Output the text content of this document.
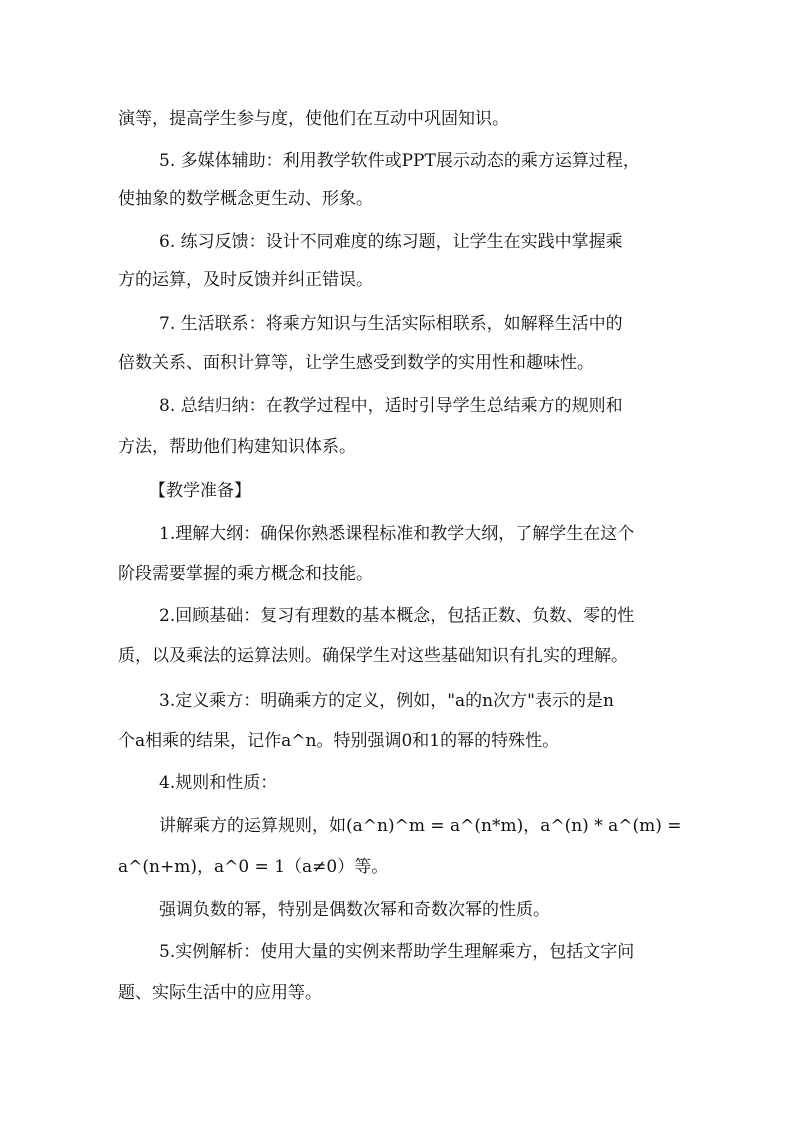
演等，提高学生参与度，使他们在互动中巩固知识。
5. 多媒体辅助：利用教学软件或PPT展示动态的乘方运算过程，
使抽象的数学概念更生动、形象。
6. 练习反馈：设计不同难度的练习题，让学生在实践中掌握乘
方的运算，及时反馈并纠正错误。
7. 生活联系：将乘方知识与生活实际相联系，如解释生活中的
倍数关系、面积计算等，让学生感受到数学的实用性和趣味性。
8. 总结归纳：在教学过程中，适时引导学生总结乘方的规则和
方法，帮助他们构建知识体系。
【教学准备】
1.理解大纲：确保你熟悉课程标准和教学大纲，了解学生在这个
阶段需要掌握的乘方概念和技能。
2.回顾基础：复习有理数的基本概念，包括正数、负数、零的性
质，以及乘法的运算法则。确保学生对这些基础知识有扎实的理解。
3.定义乘方：明确乘方的定义，例如，"a的n次方"表示的是n
个a相乘的结果，记作a^n。特别强调0和1的幂的特殊性。
4.规则和性质：
讲解乘方的运算规则，如(a^n)^m = a^(n*m)，a^(n) * a^(m) =
a^(n+m)，a^0 = 1（a≠0）等。
强调负数的幂，特别是偶数次幂和奇数次幂的性质。
5.实例解析：使用大量的实例来帮助学生理解乘方，包括文字问
题、实际生活中的应用等。
